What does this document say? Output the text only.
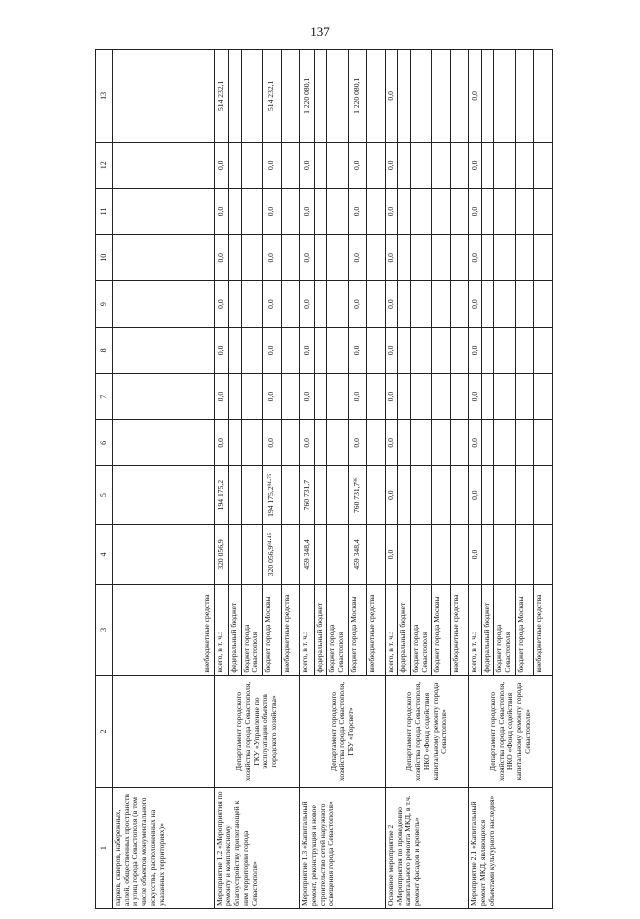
137
1	2	3	4	5	6	7	8	9	10	11	12	13
парков, скверов, набережных, аллей, общественных пространств и улиц города Севастополя (в том числе объектов монументального искусства, расположенных на указанных территориях)»		внебюджетные средства										

Мероприятие 1.2 «Мероприятия по ремонту и комплексному благоустройству прилегающей к ним территории города Севастополя»	Департамент городского хозяйства города Севастополя, ГКУ «Управление по эксплуатации объектов городского хозяйства»	всего, в т. ч.:	320 056,9	194 175,2	0,0	0,0	0,0	0,0	0,0	0,0	0,0	514 232,1
		федеральный бюджет										
		бюджет города Севастополя										
		бюджет города Москвы	320 056,9⁹⁴⋅⁴⁵	194 175,2⁹⁴⋅⁷⁵	0,0	0,0	0,0	0,0	0,0	0,0	0,0	514 232,1
		внебюджетные средства										
Мероприятие 1.3 «Капитальный ремонт, реконструкция и новое строительство сетей наружного освещения города Севастополя»	Департамент городского хозяйства города Севастополя, ГБУ «Горсвет»	всего, в т. ч.:	459 348,4	760 731,7	0,0	0,0	0,0	0,0	0,0	0,0	0,0	1 220 080,1
		федеральный бюджет										
		бюджет города Севастополя										
		бюджет города Москвы	459 348,4	760 731,7⁹⁶	0,0	0,0	0,0	0,0	0,0	0,0	0,0	1 220 080,1
		внебюджетные средства										
Основное мероприятие 2 «Мероприятия по проведению капитального ремонта МКД, в т.ч. ремонт фасадов и кровель»	Департамент городского хозяйства города Севастополя, НКО «Фонд содействия капитальному ремонту города Севастополя»	всего, в т. ч.:	0,0	0,0	0,0	0,0	0,0	0,0	0,0	0,0	0,0	0,0
		федеральный бюджет										
		бюджет города Севастополя										
		бюджет города Москвы										
		внебюджетные средства										
Мероприятие 2.1 «Капитальный ремонт МКД, являющихся объектами культурного наследия»	Департамент городского хозяйства города Севастополя, НКО «Фонд содействия капитальному ремонту города Севастополя»	всего, в т. ч.:	0,0	0,0	0,0	0,0	0,0	0,0	0,0	0,0	0,0	0,0
		федеральный бюджет										
		бюджет города Севастополя										
		бюджет города Москвы										
		внебюджетные средства										
